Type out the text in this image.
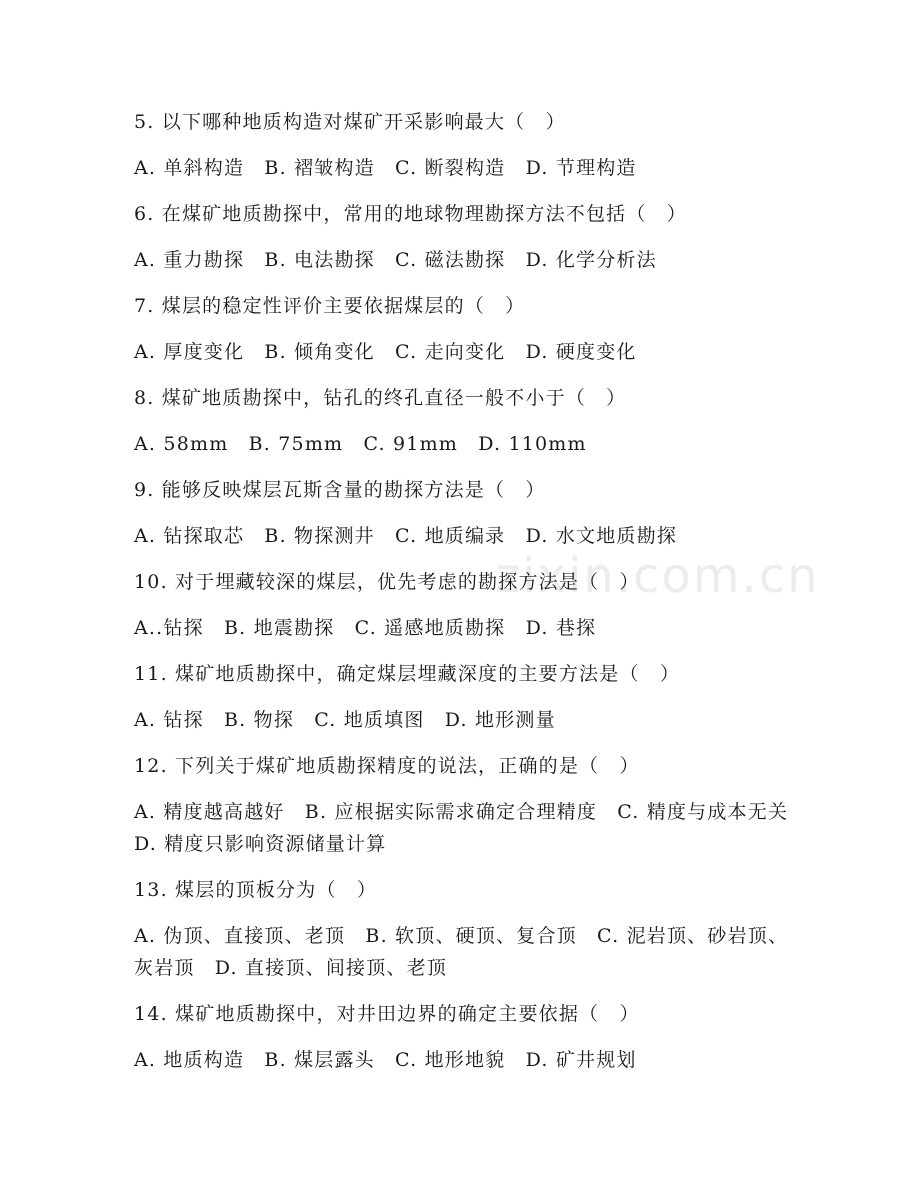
zixin.com.cn

5. 以下哪种地质构造对煤矿开采影响最大（　）

A. 单斜构造　B. 褶皱构造　C. 断裂构造　D. 节理构造

6. 在煤矿地质勘探中，常用的地球物理勘探方法不包括（　）

A. 重力勘探　B. 电法勘探　C. 磁法勘探　D. 化学分析法

7. 煤层的稳定性评价主要依据煤层的（　）

A. 厚度变化　B. 倾角变化　C. 走向变化　D. 硬度变化

8. 煤矿地质勘探中，钻孔的终孔直径一般不小于（　）

A. 58mm　B. 75mm　C. 91mm　D. 110mm

9. 能够反映煤层瓦斯含量的勘探方法是（　）

A. 钻探取芯　B. 物探测井　C. 地质编录　D. 水文地质勘探

10. 对于埋藏较深的煤层，优先考虑的勘探方法是（　）

A..钻探　B. 地震勘探　C. 遥感地质勘探　D. 巷探

11. 煤矿地质勘探中，确定煤层埋藏深度的主要方法是（　）

A. 钻探　B. 物探　C. 地质填图　D. 地形测量

12. 下列关于煤矿地质勘探精度的说法，正确的是（　）

A. 精度越高越好　B. 应根据实际需求确定合理精度　C. 精度与成本无关　D. 精度只影响资源储量计算

13. 煤层的顶板分为（　）

A. 伪顶、直接顶、老顶　B. 软顶、硬顶、复合顶　C. 泥岩顶、砂岩顶、灰岩顶　D. 直接顶、间接顶、老顶

14. 煤矿地质勘探中，对井田边界的确定主要依据（　）

A. 地质构造　B. 煤层露头　C. 地形地貌　D. 矿井规划
